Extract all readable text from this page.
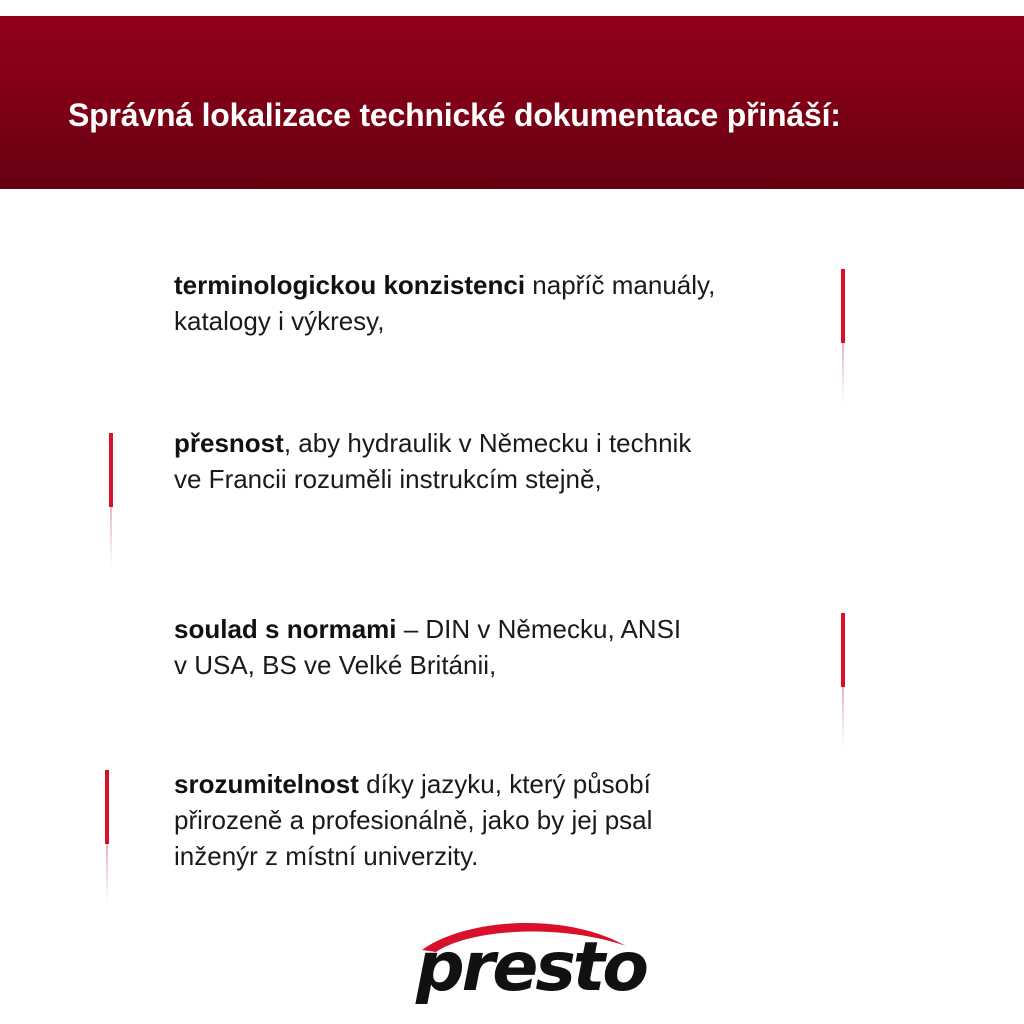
Správná lokalizace technické dokumentace přináší:

terminologickou konzistenci napříč manuály,
katalogy i výkresy,

přesnost, aby hydraulik v Německu i technik
ve Francii rozuměli instrukcím stejně,

soulad s normami – DIN v Německu, ANSI
v USA, BS ve Velké Británii,

srozumitelnost díky jazyku, který působí
přirozeně a profesionálně, jako by jej psal
inženýr z místní univerzity.

presto
